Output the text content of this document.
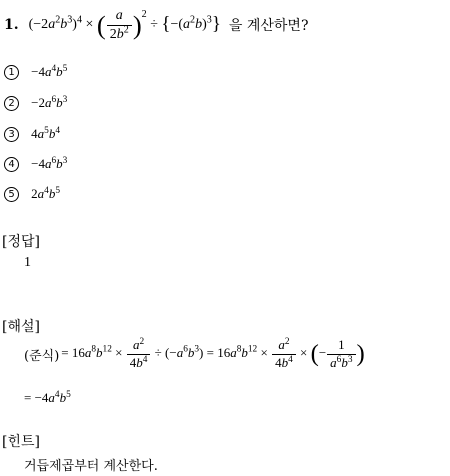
1. $(-2a^2b^3)^4$ × ( $\frac{a}{2b^2} )^2 \div \{-(a^2b)^3\}$ 을 계산하면?
$1 -4a^4b^5$
$2 -2a^6b^3$
3 $4a^5b^4$
$4 -4a^6b^3$
5 $2a^4b^5$
[정답]
1
[해설]
(준식) = $16a^8b^{12} \times \frac{a^2}{4b^4} \div (-a^6b^3) = 16a^8b^{12} \times \frac{a^2}{4b^4}$ × (− $\frac{1}{a^6b^3}$ )
= $-4a^4b^5$
[힌트]
거듭제곱부터 계산한다.
